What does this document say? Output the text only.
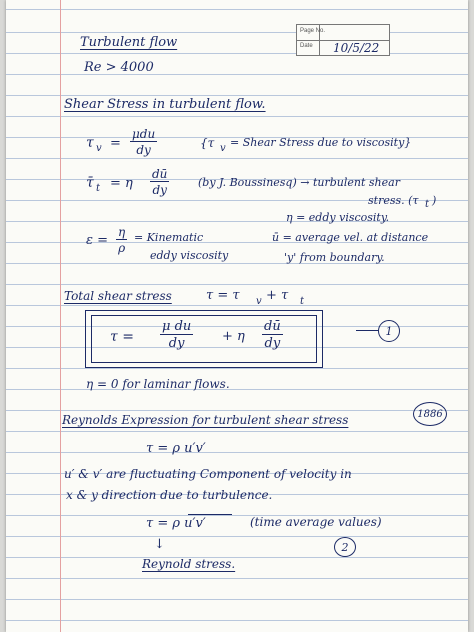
Page No.
Date 10/5/22
Turbulent flow
Re > 4000
Shear Stress in turbulent flow.
τ v =
μdu
dy	{τ v = Shear Stress due to viscosity}
τ̄ t = η $\frac{dū}{dy}$	(by J. Boussinesq) → turbulent shear
stress. (τ t )
η = eddy viscosity.
$\varepsilon = \frac{\eta}{\rho}$ = Kinematic
eddy viscosity
ū = average vel. at distance
'y' from boundary.
Total shear stress	τ = τ v + τ t
$\tau = \frac{\text{μ du}}{dy} + \eta \frac{dū}{dy}$	1
η = 0 for laminar flows.
Reynolds Expression for turbulent shear stress	1886
τ = ρ u′v′
u′ & v′ are fluctuating Component of velocity in
x & y direction due to turbulence.
τ = ρ u′v′	(time average values)
2
↓
Reynold stress.
